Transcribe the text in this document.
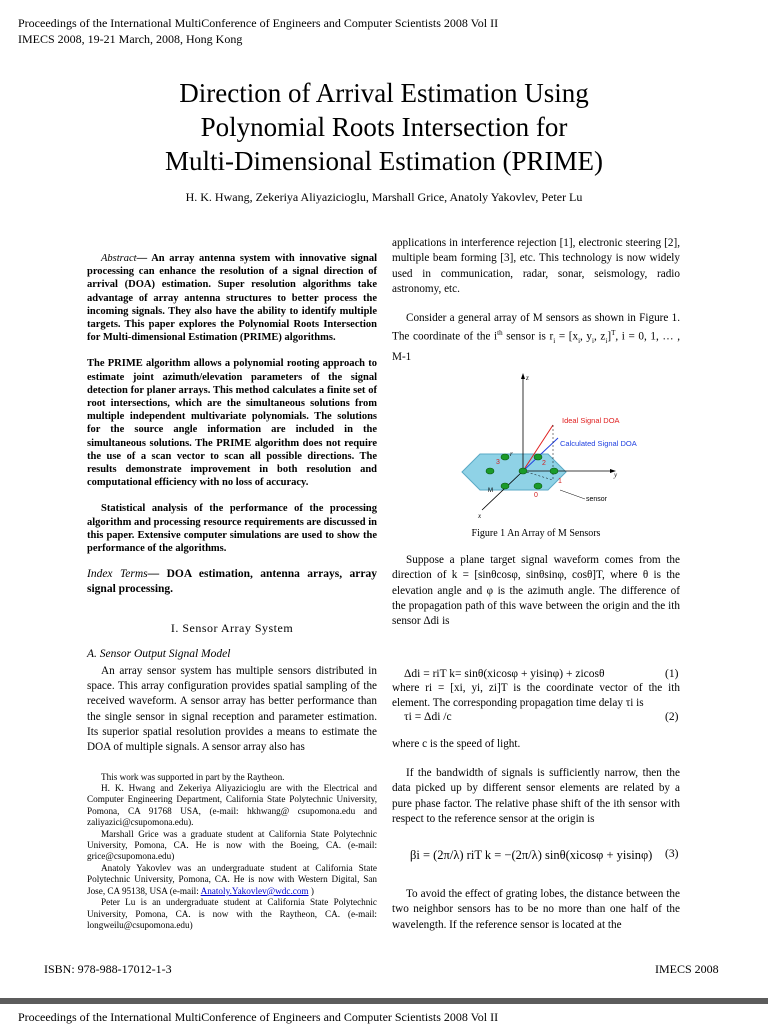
Proceedings of the International MultiConference of Engineers and Computer Scientists 2008 Vol II
IMECS 2008, 19-21 March, 2008, Hong Kong
Direction of Arrival Estimation Using
Polynomial Roots Intersection for
Multi-Dimensional Estimation (PRIME)
H. K. Hwang, Zekeriya Aliyazicioglu, Marshall Grice, Anatoly Yakovlev, Peter Lu

Abstract— An array antenna system with innovative signal processing can enhance the resolution of a signal direction of arrival (DOA) estimation. Super resolution algorithms take advantage of array antenna structures to better process the incoming signals. They also have the ability to identify multiple targets. This paper explores the Polynomial Roots Intersection for Multi-dimensional Estimation (PRIME) algorithms.

The PRIME algorithm allows a polynomial rooting approach to estimate joint azimuth/elevation parameters of the signal detection for planer arrays. This method calculates a finite set of root intersections, which are the simultaneous solutions from multiple independent multivariate polynomials. The solutions for the source angle information are included in the simultaneous solutions. The PRIME algorithm does not require the use of a scan vector to scan all possible directions. The results demonstrate improvement in both resolution and computational efficiency with no loss of accuracy.

Statistical analysis of the performance of the processing algorithm and processing resource requirements are discussed in this paper. Extensive computer simulations are used to show the performance of the algorithms.

Index Terms— DOA estimation, antenna arrays, array signal processing.

I. Sensor Array System

A. Sensor Output Signal Model

An array sensor system has multiple sensors distributed in space. This array configuration provides spatial sampling of the received waveform. A sensor array has better performance than the single sensor in signal reception and parameter estimation. Its superior spatial resolution provides a means to estimate the DOA of multiple signals. A sensor array also has

This work was supported in part by the Raytheon.

H. K. Hwang and Zekeriya Aliyazicioglu are with the Electrical and Computer Engineering Department, California State Polytechnic University, Pomona, CA 91768 USA, (e-mail: hkhwang@ csupomona.edu and zaliyazici@csupomona.edu).

Marshall Grice was a graduate student at California State Polytechnic University, Pomona, CA. He is now with the Boeing, CA. (e-mail: grice@csupomona.edu)

Anatoly Yakovlev was an undergraduate student at California State Polytechnic University, Pomona, CA. He is now with Western Digital, San Jose, CA 95138, USA (e-mail: Anatoly.Yakovlev@wdc.com )

Peter Lu is an undergraduate student at California State Polytechnic University, Pomona, CA. is now with the Raytheon, CA. (e-mail: longweilu@csupomona.edu)

applications in interference rejection [1], electronic steering [2], multiple beam forming [3], etc. This technology is now widely used in communication, radar, sonar, seismology, radio astronomy, etc.

Consider a general array of M sensors as shown in Figure 1. The coordinate of the $i^{th}$ sensor is $r_i = [x_i$, $y_i$, $z_i]^T$, i = 0, 1, … , M-1

z
y
x
Ideal Signal DOA
Calculated Signal DOA
sensor
3	2
1
0
M
r
Figure 1 An Array of M Sensors

Suppose a plane target signal waveform comes from the direction of k = [sinθcosφ, sinθsinφ, cosθ]T, where θ is the elevation angle and φ is the azimuth angle. The difference of the propagation path of this wave between the origin and the ith sensor Δdi is

Δdi = riT k= sinθ(xicosφ + yisinφ) + zicosθ	(1)

where ri = [xi, yi, zi]T is the coordinate vector of the ith element. The corresponding propagation time delay τi is

τi = Δdi /c	(2)

where c is the speed of light.

If the bandwidth of signals is sufficiently narrow, then the data picked up by different sensor elements are related by a pure phase factor. The relative phase shift of the ith sensor with respect to the reference sensor at the origin is

βi = (2π/λ) riT k = −(2π/λ) sinθ(xicosφ + yisinφ) (3)

To avoid the effect of grating lobes, the distance between the two neighbor sensors has to be no more than one half of the wavelength. If the reference sensor is located at the

ISBN: 978-988-17012-1-3	IMECS 2008
Proceedings of the International MultiConference of Engineers and Computer Scientists 2008 Vol II
